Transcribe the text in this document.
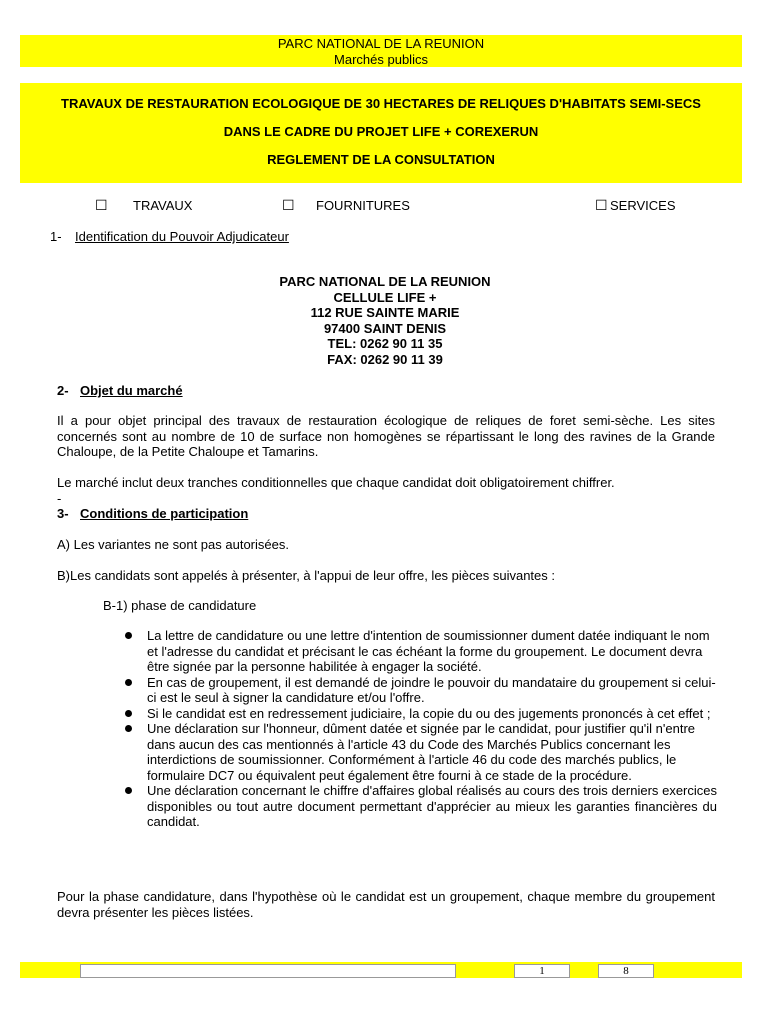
PARC NATIONAL DE LA REUNION
Marchés publics
TRAVAUX DE RESTAURATION ECOLOGIQUE DE 30 HECTARES DE RELIQUES D'HABITATS SEMI-SECS
DANS LE CADRE DU PROJET LIFE + COREXERUN
REGLEMENT DE LA CONSULTATION
☐ TRAVAUX	☐ FOURNITURES	☐ SERVICES
1- Identification du Pouvoir Adjudicateur
PARC NATIONAL DE LA REUNION
CELLULE LIFE +
112 RUE SAINTE MARIE
97400 SAINT DENIS
TEL: 0262 90 11 35
FAX: 0262 90 11 39
2- Objet du marché
Il a pour objet principal des travaux de restauration écologique de reliques de foret semi-sèche. Les sites concernés sont au nombre de 10 de surface non homogènes se répartissant le long des ravines de la Grande Chaloupe, de la Petite Chaloupe et Tamarins.
Le marché inclut deux tranches conditionnelles que chaque candidat doit obligatoirement chiffrer.
-
3- Conditions de participation
A) Les variantes ne sont pas autorisées.
B)Les candidats sont appelés à présenter, à l'appui de leur offre, les pièces suivantes :
B-1) phase de candidature
La lettre de candidature ou une lettre d'intention de soumissionner dument datée indiquant le nom et l'adresse du candidat et précisant le cas échéant la forme du groupement. Le document devra être signée par la personne habilitée à engager la société.
En cas de groupement, il est demandé de joindre le pouvoir du mandataire du groupement si celui-ci est le seul à signer la candidature et/ou l'offre.
Si le candidat est en redressement judiciaire, la copie du ou des jugements prononcés à cet effet ;
Une déclaration sur l'honneur, dûment datée et signée par le candidat, pour justifier qu'il n'entre dans aucun des cas mentionnés à l'article 43 du Code des Marchés Publics concernant les interdictions de soumissionner. Conformément à l'article 46 du code des marchés publics, le formulaire DC7 ou équivalent peut également être fourni à ce stade de la procédure.
Une déclaration concernant le chiffre d'affaires global réalisés au cours des trois derniers exercices disponibles ou tout autre document permettant d'apprécier au mieux les garanties financières du candidat.
Pour la phase candidature, dans l'hypothèse où le candidat est un groupement, chaque membre du groupement devra présenter les pièces listées.
1	8
